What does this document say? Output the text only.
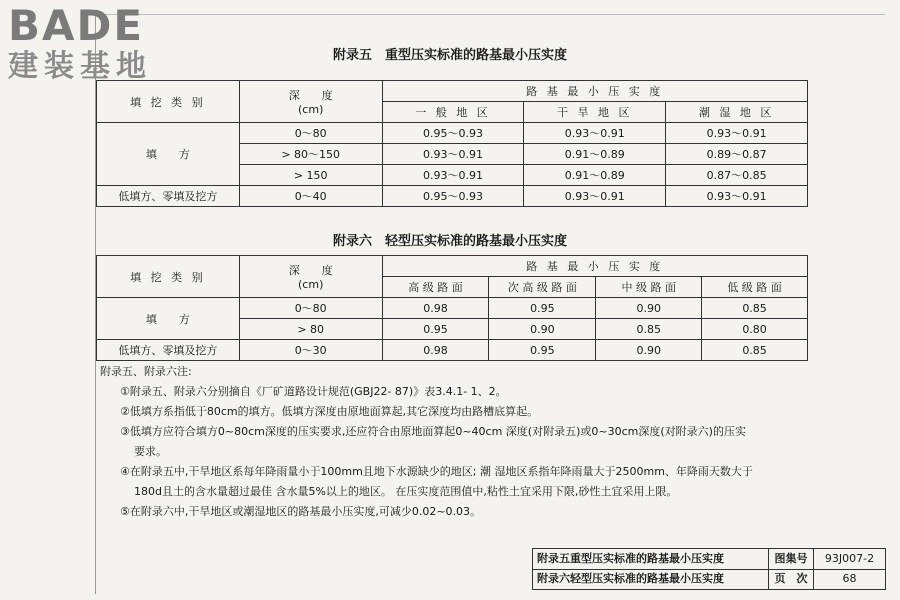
BADE
建装基地	附录五　重型压实标准的路基最小压实度
填 挖 类 别	深　　度
(cm)	路 基 最 小 压 实 度		
		一 般 地 区	干 旱 地 区	潮 湿 地 区
填　　方	0～80	0.95～0.93	0.93～0.91	0.93～0.91
	> 80～150	0.93～0.91	0.91～0.89	0.89～0.87
	> 150	0.93～0.91	0.91～0.89	0.87～0.85
低填方、零填及挖方	0～40	0.95～0.93	0.93～0.91	0.93～0.91
附录六　轻型压实标准的路基最小压实度
填 挖 类 别	深　　度
(cm)	路 基 最 小 压 实 度			
		高 级 路 面	次 高 级 路 面	中 级 路 面	低 级 路 面
填　　方	0～80	0.98	0.95	0.90	0.85
	> 80	0.95	0.90	0.85	0.80
低填方、零填及挖方	0～30	0.98	0.95	0.90	0.85

附录五、附录六注:

①附录五、附录六分别摘自《厂矿道路设计规范(GBJ22- 87)》表3.4.1- 1、2。

②低填方系指低于80cm的填方。低填方深度由原地面算起,其它深度均由路槽底算起。

③低填方应符合填方0~80cm深度的压实要求,还应符合由原地面算起0~40cm 深度(对附录五)或0~30cm深度(对附录六)的压实

要求。

④在附录五中,干旱地区系每年降雨量小于100mm且地下水源缺少的地区; 潮 湿地区系指年降雨量大于2500mm、年降雨天数大于

180d且土的含水量超过最佳 含水量5%以上的地区。 在压实度范围值中,粘性土宜采用下限,砂性土宜采用上限。

⑤在附录六中,干旱地区或潮湿地区的路基最小压实度,可减少0.02~0.03。

附录五重型压实标准的路基最小压实度	图集号	93J007-2
附录六轻型压实标准的路基最小压实度	页　次	68
